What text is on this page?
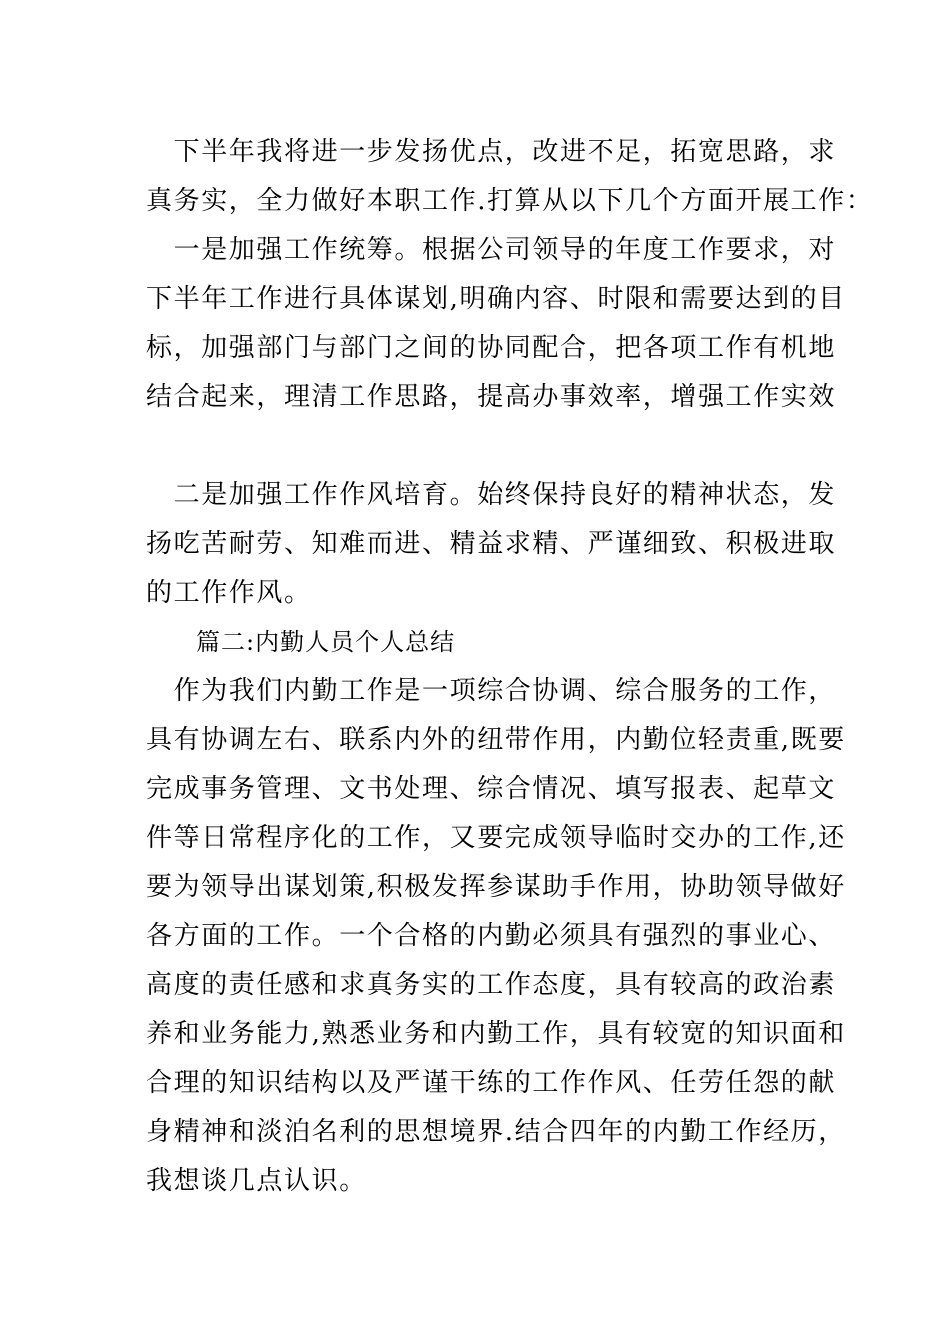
　下半年我将进一步发扬优点，改进不足，拓宽思路，求
真务实，全力做好本职工作.打算从以下几个方面开展工作：
　一是加强工作统筹。根据公司领导的年度工作要求，对
下半年工作进行具体谋划,明确内容、时限和需要达到的目
标，加强部门与部门之间的协同配合，把各项工作有机地
结合起来，理清工作思路，提高办事效率，增强工作实效
　二是加强工作作风培育。始终保持良好的精神状态，发
扬吃苦耐劳、知难而进、精益求精、严谨细致、积极进取
的工作作风。
　　篇二:内勤人员个人总结
　作为我们内勤工作是一项综合协调、综合服务的工作，
具有协调左右、联系内外的纽带作用，内勤位轻责重,既要
完成事务管理、文书处理、综合情况、填写报表、起草文
件等日常程序化的工作，又要完成领导临时交办的工作,还
要为领导出谋划策,积极发挥参谋助手作用，协助领导做好
各方面的工作。一个合格的内勤必须具有强烈的事业心、
高度的责任感和求真务实的工作态度，具有较高的政治素
养和业务能力,熟悉业务和内勤工作，具有较宽的知识面和
合理的知识结构以及严谨干练的工作作风、任劳任怨的献
身精神和淡泊名利的思想境界.结合四年的内勤工作经历，
我想谈几点认识。
